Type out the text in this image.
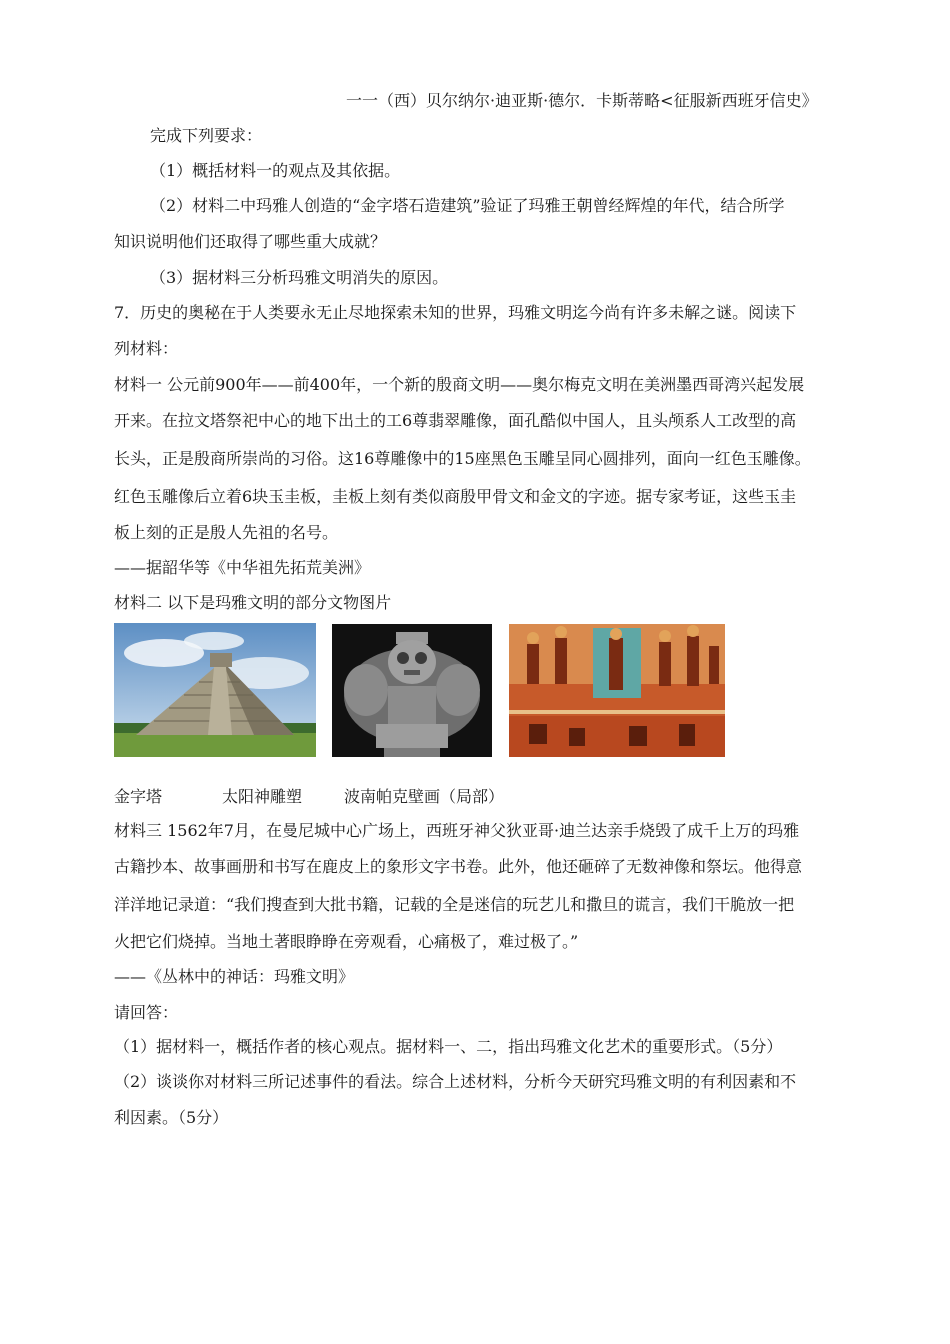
一一（西）贝尔纳尔·迪亚斯·德尔．卡斯蒂略<征服新西班牙信史》
完成下列要求：
（1）概括材料一的观点及其依据。
（2）材料二中玛雅人创造的“金字塔石造建筑”验证了玛雅王朝曾经辉煌的年代，结合所学
知识说明他们还取得了哪些重大成就？
（3）据材料三分析玛雅文明消失的原因。
7．历史的奥秘在于人类要永无止尽地探索未知的世界，玛雅文明迄今尚有许多未解之谜。阅读下
列材料：
材料一 公元前900年——前400年，一个新的殷商文明——奥尔梅克文明在美洲墨西哥湾兴起发展
开来。在拉文塔祭祀中心的地下出土的工6尊翡翠雕像，面孔酷似中国人，且头颅系人工改型的高
长头，正是殷商所崇尚的习俗。这16尊雕像中的15座黑色玉雕呈同心圆排列，面向一红色玉雕像。
红色玉雕像后立着6块玉圭板，圭板上刻有类似商殷甲骨文和金文的字迹。据专家考证，这些玉圭
板上刻的正是殷人先祖的名号。
——据韶华等《中华祖先拓荒美洲》
材料二 以下是玛雅文明的部分文物图片
金字塔	太阳神雕塑	波南帕克壁画（局部）
材料三 1562年7月，在曼尼城中心广场上，西班牙神父狄亚哥·迪兰达亲手烧毁了成千上万的玛雅
古籍抄本、故事画册和书写在鹿皮上的象形文字书卷。此外，他还砸碎了无数神像和祭坛。他得意
洋洋地记录道：“我们搜查到大批书籍，记载的全是迷信的玩艺儿和撒旦的谎言，我们干脆放一把
火把它们烧掉。当地土著眼睁睁在旁观看，心痛极了，难过极了。”
——《丛林中的神话：玛雅文明》
请回答：
（1）据材料一，概括作者的核心观点。据材料一、二，指出玛雅文化艺术的重要形式。（5分）
（2）谈谈你对材料三所记述事件的看法。综合上述材料，分析今天研究玛雅文明的有利因素和不
利因素。（5分）
